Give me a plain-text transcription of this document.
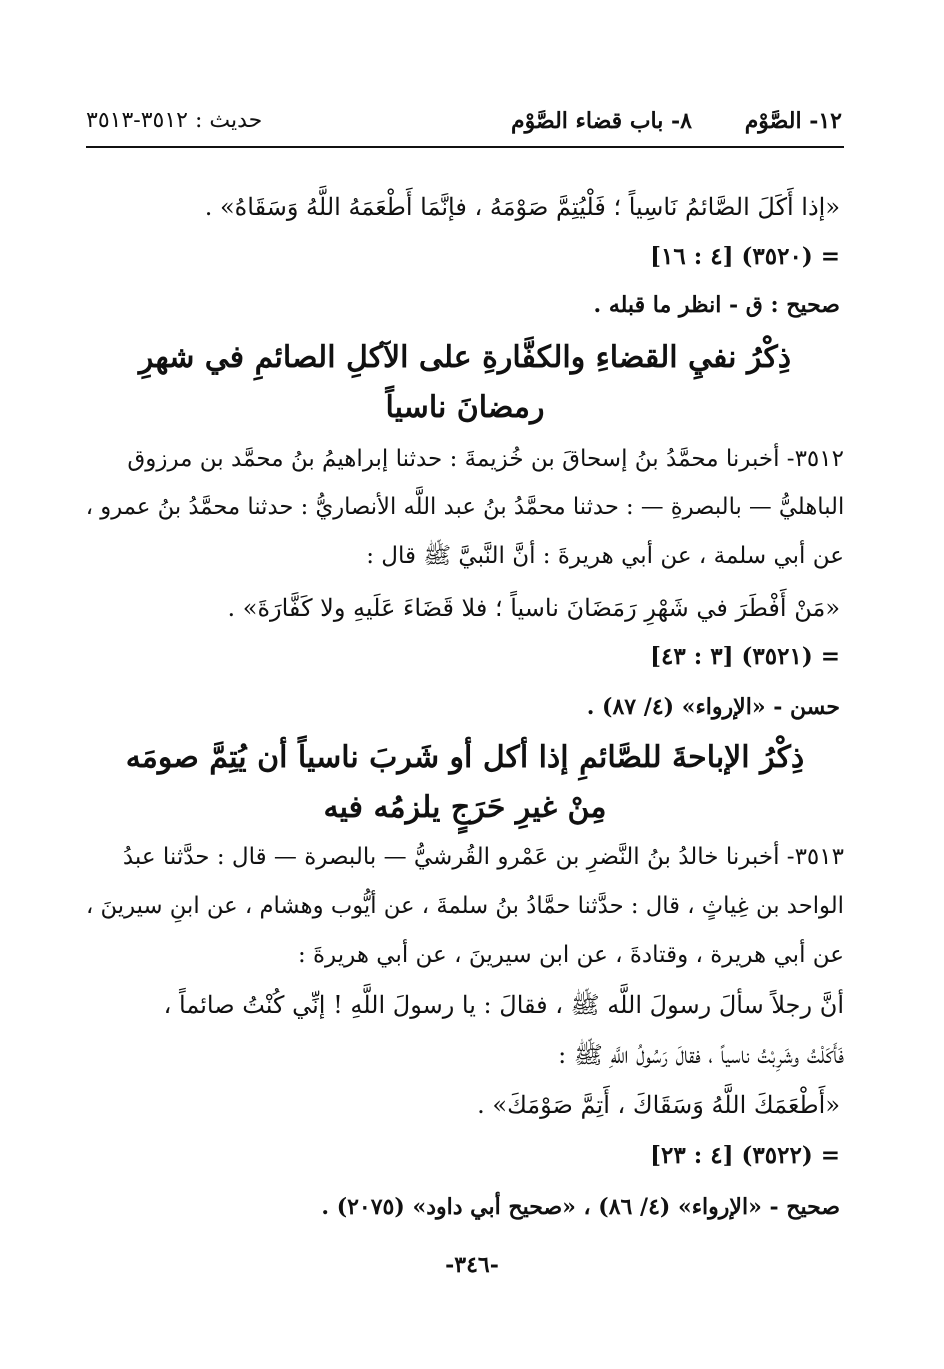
١٢- الصَّوْم
٨- باب قضاء الصَّوْم
حديث : ٣٥١٢-٣٥١٣
«إذا أَكَلَ الصَّائمُ نَاسِياً ؛ فَلْيُتِمَّ صَوْمَهُ ، فإنَّمَا أَطْعَمَهُ اللَّهُ وَسَقَاهُ» .
= (٣٥٢٠) [٤ : ١٦]
صحيح : ق - انظر ما قبله .
ذِكْرُ نفيِ القضاءِ والكفَّارةِ على الآكلِ الصائمِ في شهرِ
رمضانَ ناسياً
٣٥١٢- أخبرنا محمَّدُ بنُ إسحاقَ بن خُزيمةَ : حدثنا إبراهيمُ بنُ محمَّد بن مرزوق
الباهليُّ — بالبصرةِ — : حدثنا محمَّدُ بنُ عبد اللَّه الأنصاريُّ : حدثنا محمَّدُ بنُ عمرو ،
عن أبي سلمة ، عن أبي هريرةَ : أنَّ النَّبيَّ ﷺ قال :
«مَنْ أَفْطَرَ في شَهْرِ رَمَضَانَ ناسياً ؛ فلا قَضَاءَ عَلَيهِ ولا كَفَّارَةَ» .
= (٣٥٢١) [٣ : ٤٣]
حسن - «الإرواء» (٤/ ٨٧) .
ذِكْرُ الإباحةَ للصَّائمِ إذا أكل أو شَربَ ناسياً أن يُتِمَّ صومَه
مِنْ غيرِ حَرَجٍ يلزمُه فيه
٣٥١٣- أخبرنا خالدُ بنُ النَّضرِ بن عَمْرو القُرشيُّ — بالبصرة — قال : حدَّثنا عبدُ
الواحد بن غِياثٍ ، قال : حدَّثنا حمَّادُ بنُ سلمةَ ، عن أيُّوب وهشام ، عن ابنِ سيرينَ ،
عن أبي هريرة ، وقتادةَ ، عن ابن سيرينَ ، عن أبي هريرةَ :
أنَّ رجلاً سألَ رسولَ اللَّه ﷺ ، فقالَ : يا رسولَ اللَّهِ ! إنِّي كُنْتُ صائماً ،
فَأَكَلْتُ وشَرِبْتُ ناسياً ، فقالَ رَسُولُ اللَّهِ ﷺ :
«أَطْعَمَكَ اللَّهُ وَسَقَاكَ ، أَتِمَّ صَوْمَكَ» .
= (٣٥٢٢) [٤ : ٢٣]
صحيح - «الإرواء» (٤/ ٨٦) ، «صحيح أبي داود» (٢٠٧٥) .
-٣٤٦-
